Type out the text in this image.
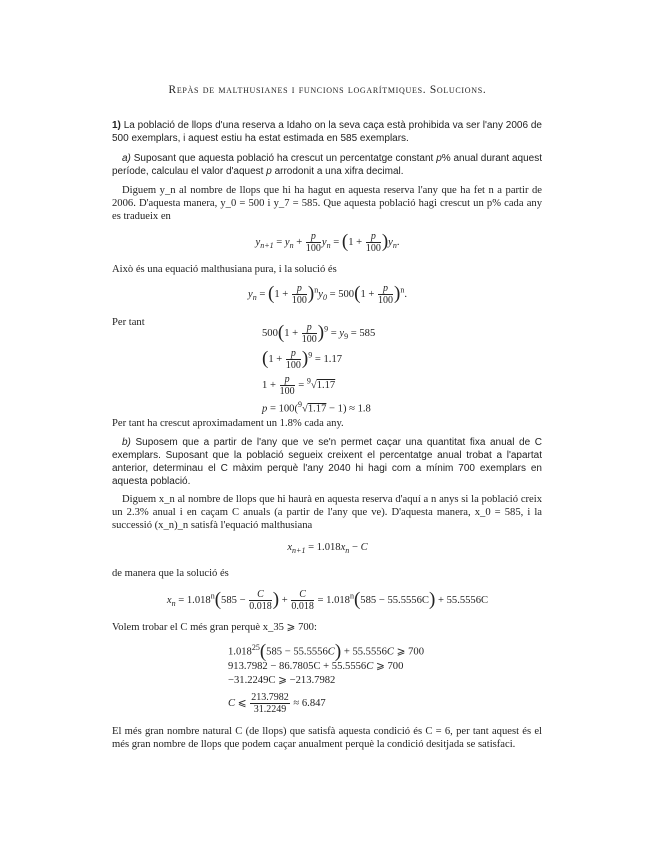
Repàs de malthusianes i funcions logarítmiques. Solucions.
1) La població de llops d'una reserva a Idaho on la seva caça està prohibida va ser l'any 2006 de 500 exemplars, i aquest estiu ha estat estimada en 585 exemplars.
a) Suposant que aquesta població ha crescut un percentatge constant p% anual durant aquest període, calculau el valor d'aquest p arrodonit a una xifra decimal.
Diguem y_n al nombre de llops que hi ha hagut en aquesta reserva l'any que ha fet n a partir de 2006. D'aquesta manera, y_0 = 500 i y_7 = 585. Que aquesta població hagi crescut un p% cada any es tradueix en
$y_{n+1} = y_n + \frac{p}{100} y_n = (1 + \frac{p}{100} )y_n$.
Això és una equació malthusiana pura, i la solució és
$y_n = (1 + \frac{p}{100} )^ny_0 = 500(1 + \frac{p}{100} )^n$.
Per tant
$500(1 + \frac{p}{100} )^9 = y_9 = 585$
$(1 + \frac{p}{100} )^9 = 1.17$
$1 + \frac{p}{100} = ^9√1.17$
p = 100($^9$√1.17 − 1) ≈ 1.8
Per tant ha crescut aproximadament un 1.8% cada any.
b) Suposem que a partir de l'any que ve se'n permet caçar una quantitat fixa anual de C exemplars. Suposant que la població segueix creixent el percentatge anual trobat a l'apartat anterior, determinau el C màxim perquè l'any 2040 hi hagi com a mínim 700 exemplars en aquesta població.
Diguem x_n al nombre de llops que hi haurà en aquesta reserva d'aquí a n anys si la població creix un 2.3% anual i en caçam C anuals (a partir de l'any que ve). D'aquesta manera, x_0 = 585, i la successió (x_n)_n satisfà l'equació malthusiana
$x_{n+1} = 1.018x_n - C$
de manera que la solució és
$x_n = 1.018^n(585 - \frac{C}{0.018}$ ) + $\frac{C}{0.018} = 1.018^n(585 - 55.5556C) + 55.5556C$
Volem trobar el C més gran perquè x_35 ⩾ 700:
$1.018^{25}(585 - 55.5556C) + 55.5556C$ ⩾ 700
913.7982 − 86.7805C + 55.5556C ⩾ 700
−31.2249C ⩾ −213.7982
C ⩽ $\frac{213.7982}{31.2249} \approx 6.847$
El més gran nombre natural C (de llops) que satisfà aquesta condició és C = 6, per tant aquest és el més gran nombre de llops que podem caçar anualment perquè la condició desitjada se satisfaci.
